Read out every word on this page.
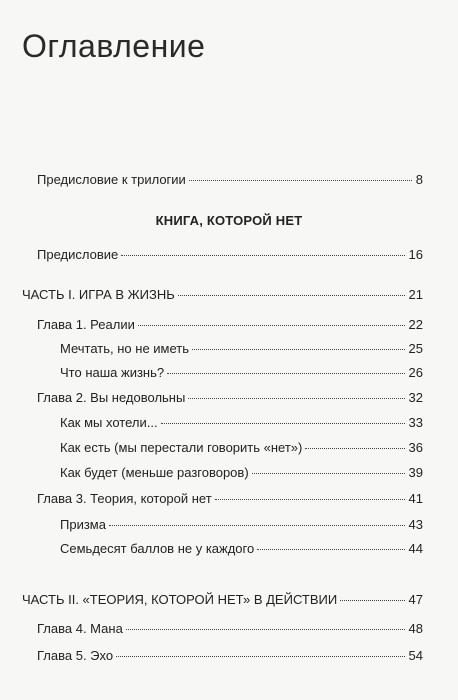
Оглавление
Предисловие к трилогии	8
КНИГА, КОТОРОЙ НЕТ
Предисловие	16
ЧАСТЬ I. ИГРА В ЖИЗНЬ	21
Глава 1. Реалии	22
Мечтать, но не иметь	25
Что наша жизнь?	26
Глава 2. Вы недовольны	32
Как мы хотели...	33
Как есть (мы перестали говорить «нет»)	36
Как будет (меньше разговоров)	39
Глава 3. Теория, которой нет	41
Призма	43
Семьдесят баллов не у каждого	44
ЧАСТЬ II. «ТЕОРИЯ, КОТОРОЙ НЕТ» В ДЕЙСТВИИ	47
Глава 4. Мана	48
Глава 5. Эхо	54
